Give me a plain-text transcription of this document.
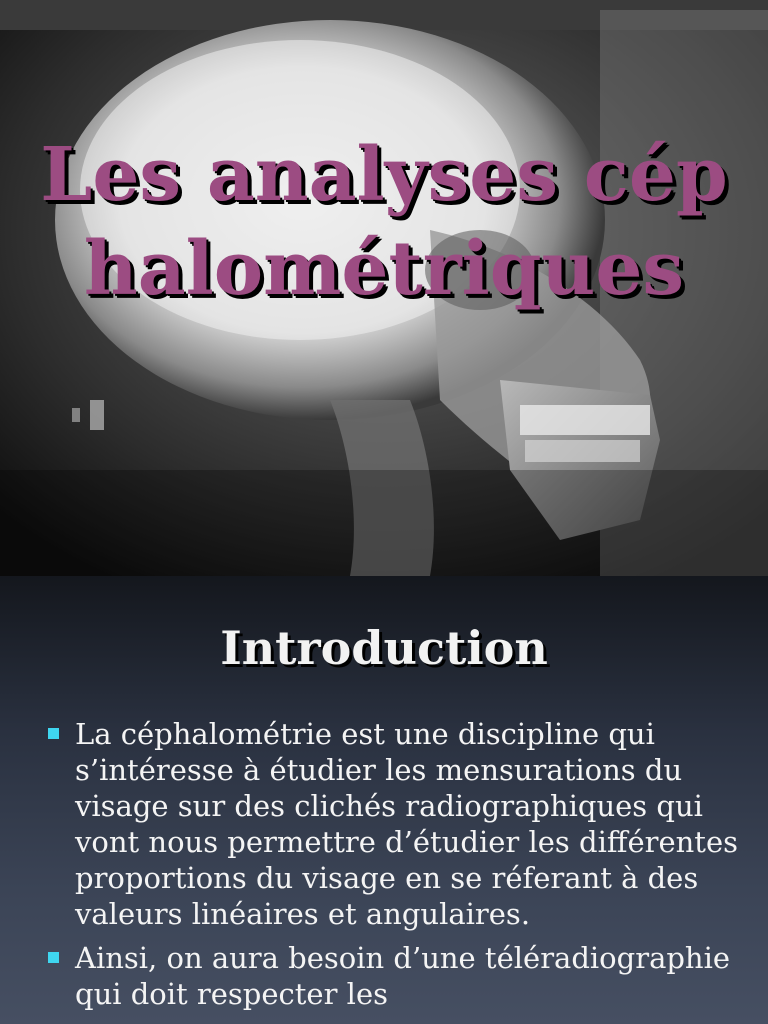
Les analyses céphalométriques
Introduction
La céphalométrie est une discipline qui s’intéresse à étudier les mensurations du visage sur des clichés radiographiques qui vont nous permettre d’étudier les différentes proportions du visage en se réferant à des valeurs linéaires et angulaires.
Ainsi, on aura besoin d’une téléradiographie qui doit respecter les
